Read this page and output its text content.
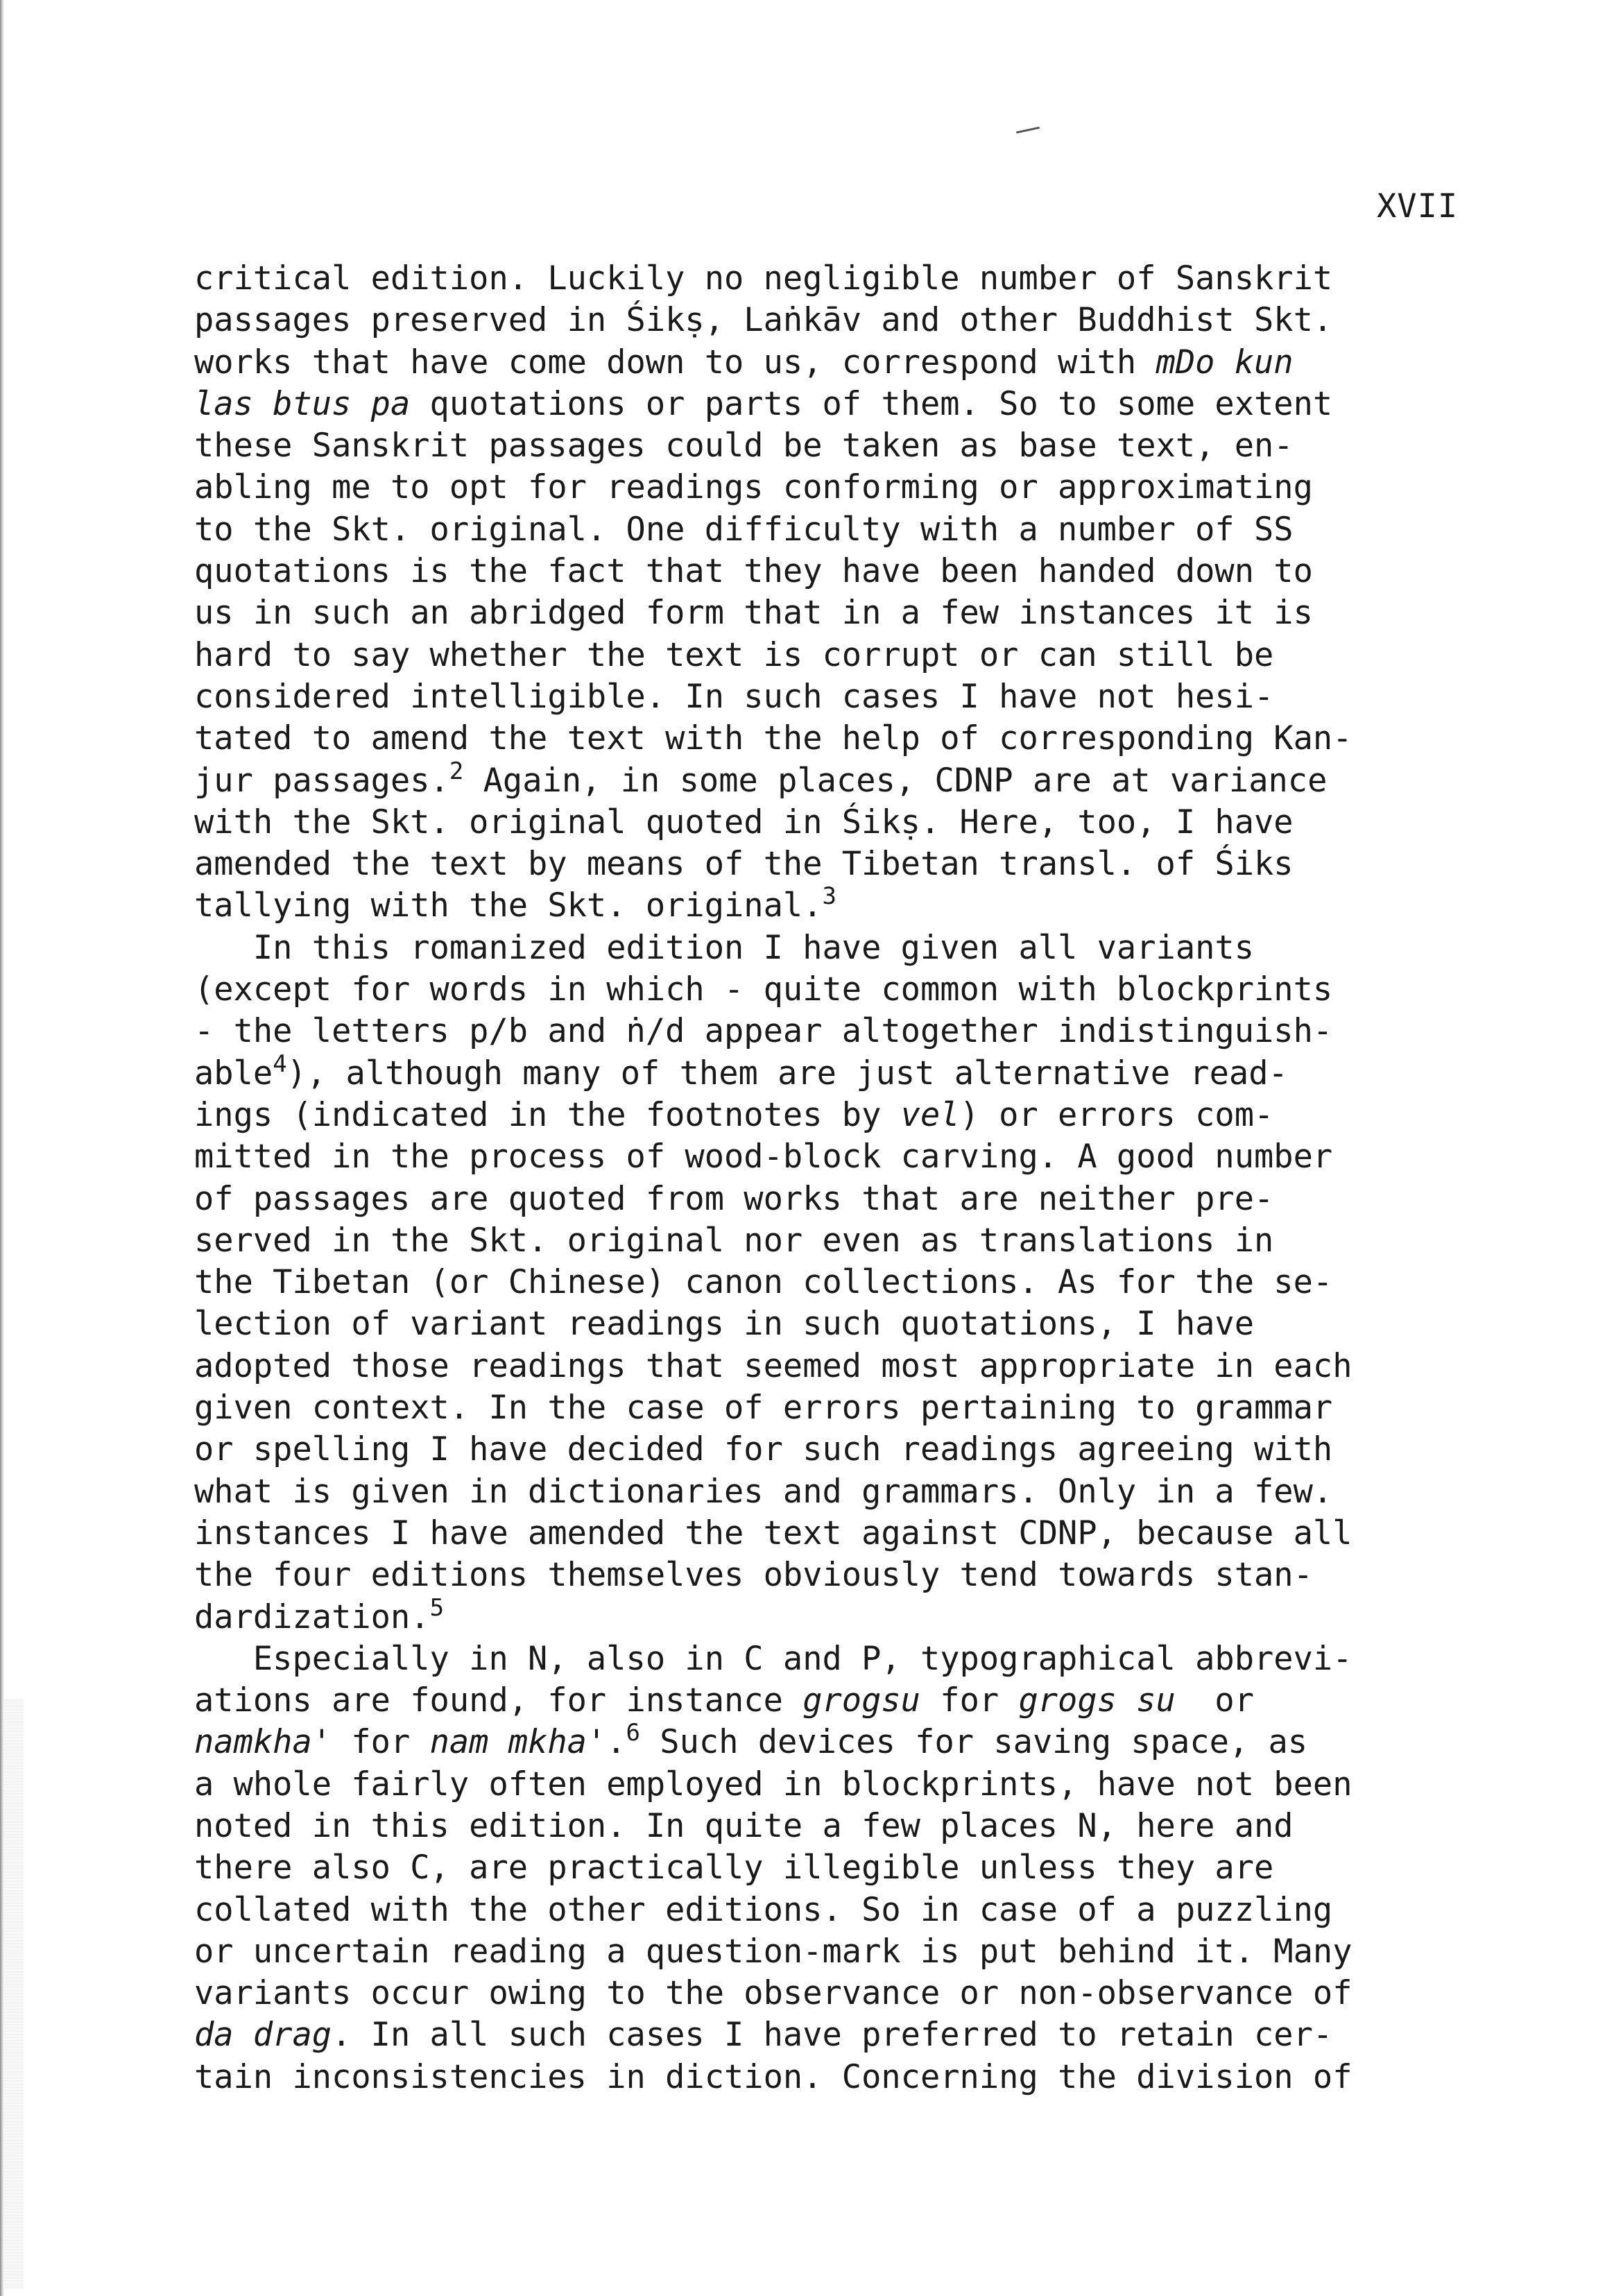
XVII
critical edition. Luckily no negligible number of Sanskrit
passages preserved in Śikṣ, Laṅkāv and other Buddhist Skt.
works that have come down to us, correspond with mDo kun
las btus pa quotations or parts of them. So to some extent
these Sanskrit passages could be taken as base text, en-
abling me to opt for readings conforming or approximating
to the Skt. original. One difficulty with a number of SS
quotations is the fact that they have been handed down to
us in such an abridged form that in a few instances it is
hard to say whether the text is corrupt or can still be
considered intelligible. In such cases I have not hesi-
tated to amend the text with the help of corresponding Kan-
jur passages.$^2$ Again, in some places, CDNP are at variance
with the Skt. original quoted in Śikṣ. Here, too, I have
amended the text by means of the Tibetan transl. of Śiks
tallying with the Skt. original.$^3$
In this romanized edition I have given all variants
(except for words in which - quite common with blockprints
- the letters p/b and ṅ/d appear altogether indistinguish-
able$^4$), although many of them are just alternative read-
ings (indicated in the footnotes by vel) or errors com-
mitted in the process of wood-block carving. A good number
of passages are quoted from works that are neither pre-
served in the Skt. original nor even as translations in
the Tibetan (or Chinese) canon collections. As for the se-
lection of variant readings in such quotations, I have
adopted those readings that seemed most appropriate in each
given context. In the case of errors pertaining to grammar
or spelling I have decided for such readings agreeing with
what is given in dictionaries and grammars. Only in a few.
instances I have amended the text against CDNP, because all
the four editions themselves obviously tend towards stan-
dardization.$^5$
Especially in N, also in C and P, typographical abbrevi-
ations are found, for instance grogsu for grogs su  or
namkha' for nam mkha'.$^6$ Such devices for saving space, as
a whole fairly often employed in blockprints, have not been
noted in this edition. In quite a few places N, here and
there also C, are practically illegible unless they are
collated with the other editions. So in case of a puzzling
or uncertain reading a question-mark is put behind it. Many
variants occur owing to the observance or non-observance of
da drag. In all such cases I have preferred to retain cer-
tain inconsistencies in diction. Concerning the division of
